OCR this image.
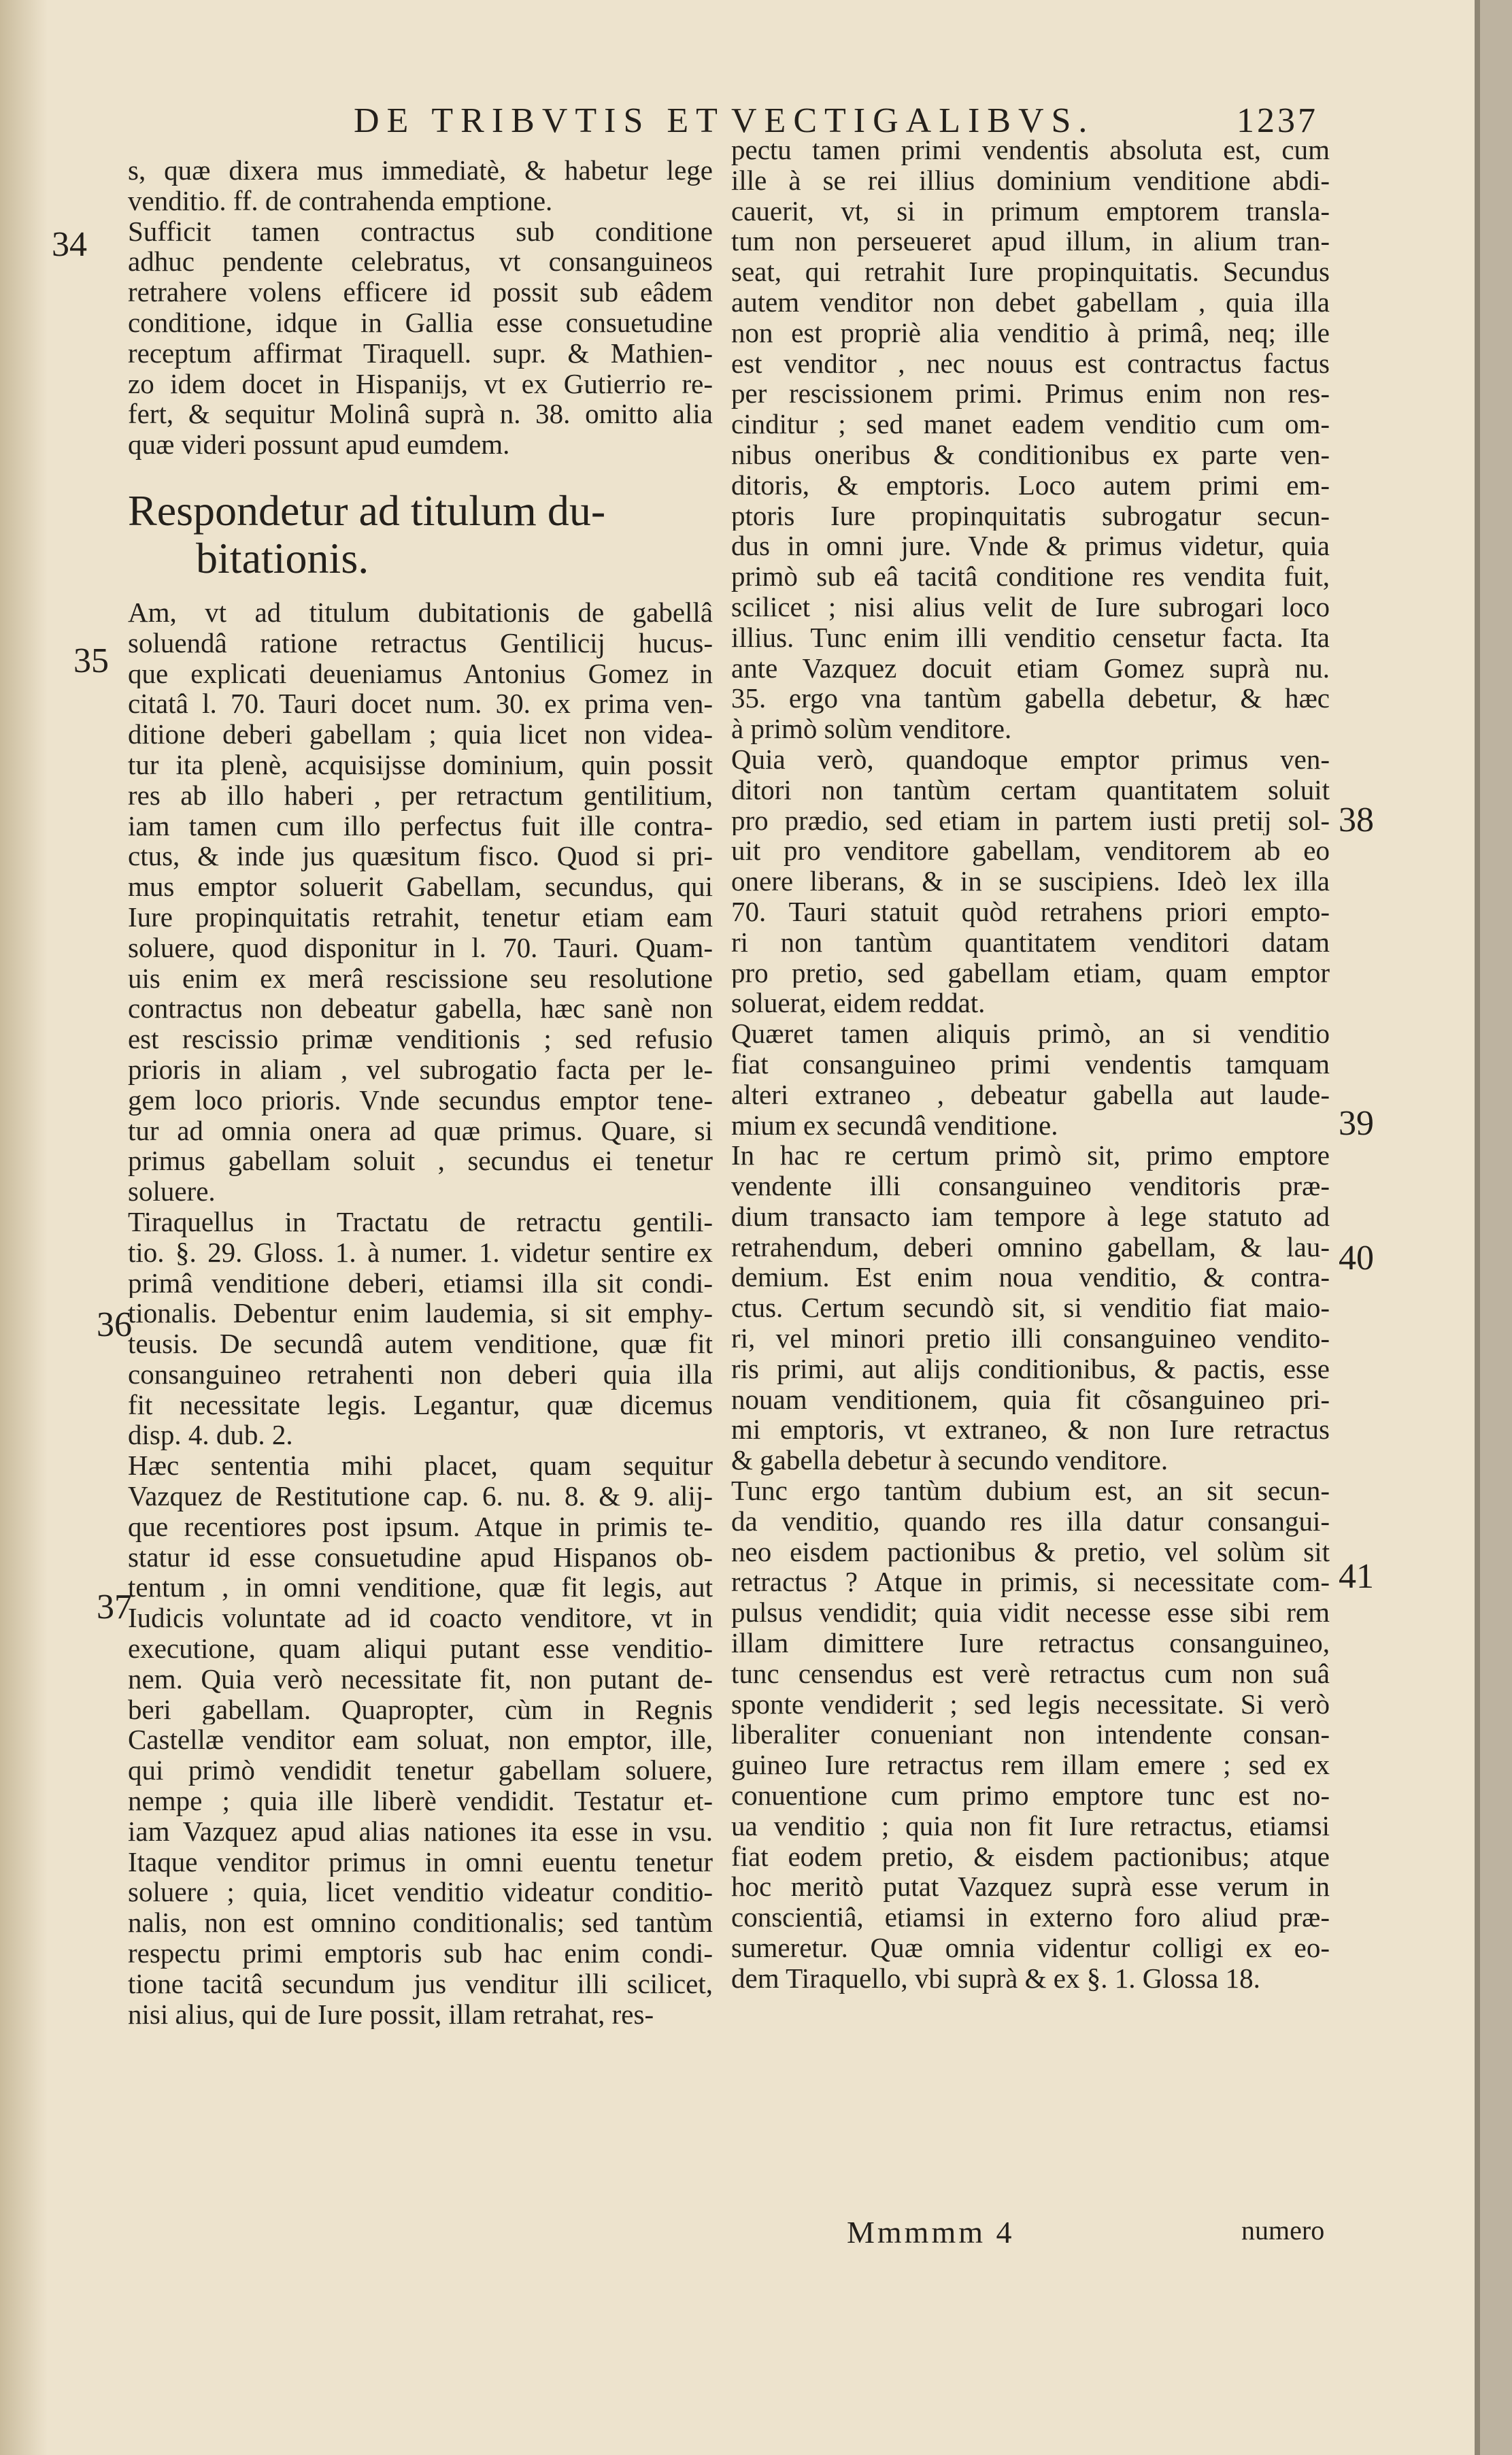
DE TRIBVTIS ET VECTIGALIBVS.	1237
s, quæ dixera mus immediatè, & habetur lege
venditio. ff. de contrahenda emptione.
Sufficit tamen contractus sub conditione
adhuc pendente celebratus, vt consanguineos
retrahere volens efficere id possit sub eâdem
conditione, idque in Gallia esse consuetudine
receptum affirmat Tiraquell. supr. & Mathien-
zo idem docet in Hispanijs, vt ex Gutierrio re-
fert, & sequitur Molinâ suprà n. 38. omitto alia
quæ videri possunt apud eumdem.
Respondetur ad titulum du-
bitationis.
Am, vt ad titulum dubitationis de gabellâ
soluendâ ratione retractus Gentilicij hucus-
que explicati deueniamus Antonius Gomez in
citatâ l. 70. Tauri docet num. 30. ex prima ven-
ditione deberi gabellam ; quia licet non videa-
tur ita plenè, acquisijsse dominium, quin possit
res ab illo haberi , per retractum gentilitium,
iam tamen cum illo perfectus fuit ille contra-
ctus, & inde jus quæsitum fisco. Quod si pri-
mus emptor soluerit Gabellam, secundus, qui
Iure propinquitatis retrahit, tenetur etiam eam
soluere, quod disponitur in l. 70. Tauri. Quam-
uis enim ex merâ rescissione seu resolutione
contractus non debeatur gabella, hæc sanè non
est rescissio primæ venditionis ; sed refusio
prioris in aliam , vel subrogatio facta per le-
gem loco prioris. Vnde secundus emptor tene-
tur ad omnia onera ad quæ primus. Quare, si
primus gabellam soluit , secundus ei tenetur
soluere.
Tiraquellus in Tractatu de retractu gentili-
tio. §. 29. Gloss. 1. à numer. 1. videtur sentire ex
primâ venditione deberi, etiamsi illa sit condi-
tionalis. Debentur enim laudemia, si sit emphy-
teusis. De secundâ autem venditione, quæ fit
consanguineo retrahenti non deberi quia illa
fit necessitate legis. Legantur, quæ dicemus
disp. 4. dub. 2.
Hæc sententia mihi placet, quam sequitur
Vazquez de Restitutione cap. 6. nu. 8. & 9. alij-
que recentiores post ipsum. Atque in primis te-
statur id esse consuetudine apud Hispanos ob-
tentum , in omni venditione, quæ fit legis, aut
Iudicis voluntate ad id coacto venditore, vt in
executione, quam aliqui putant esse venditio-
nem. Quia verò necessitate fit, non putant de-
beri gabellam. Quapropter, cùm in Regnis
Castellæ venditor eam soluat, non emptor, ille,
qui primò vendidit tenetur gabellam soluere,
nempe ; quia ille liberè vendidit. Testatur et-
iam Vazquez apud alias nationes ita esse in vsu.
Itaque venditor primus in omni euentu tenetur
soluere ; quia, licet venditio videatur conditio-
nalis, non est omnino conditionalis; sed tantùm
respectu primi emptoris sub hac enim condi-
tione tacitâ secundum jus venditur illi scilicet,
nisi alius, qui de Iure possit, illam retrahat, res-
pectu tamen primi vendentis absoluta est, cum
ille à se rei illius dominium venditione abdi-
cauerit, vt, si in primum emptorem transla-
tum non perseueret apud illum, in alium tran-
seat, qui retrahit Iure propinquitatis. Secundus
autem venditor non debet gabellam , quia illa
non est propriè alia venditio à primâ, neq; ille
est venditor , nec nouus est contractus factus
per rescissionem primi. Primus enim non res-
cinditur ; sed manet eadem venditio cum om-
nibus oneribus & conditionibus ex parte ven-
ditoris, & emptoris. Loco autem primi em-
ptoris Iure propinquitatis subrogatur secun-
dus in omni jure. Vnde & primus videtur, quia
primò sub eâ tacitâ conditione res vendita fuit,
scilicet ; nisi alius velit de Iure subrogari loco
illius. Tunc enim illi venditio censetur facta. Ita
ante Vazquez docuit etiam Gomez suprà nu.
35. ergo vna tantùm gabella debetur, & hæc
à primò solùm venditore.
Quia verò, quandoque emptor primus ven-
ditori non tantùm certam quantitatem soluit
pro prædio, sed etiam in partem iusti pretij sol-
uit pro venditore gabellam, venditorem ab eo
onere liberans, & in se suscipiens. Ideò lex illa
70. Tauri statuit quòd retrahens priori empto-
ri non tantùm quantitatem venditori datam
pro pretio, sed gabellam etiam, quam emptor
soluerat, eidem reddat.
Quæret tamen aliquis primò, an si venditio
fiat consanguineo primi vendentis tamquam
alteri extraneo , debeatur gabella aut laude-
mium ex secundâ venditione.
In hac re certum primò sit, primo emptore
vendente illi consanguineo venditoris præ-
dium transacto iam tempore à lege statuto ad
retrahendum, deberi omnino gabellam, & lau-
demium. Est enim noua venditio, & contra-
ctus. Certum secundò sit, si venditio fiat maio-
ri, vel minori pretio illi consanguineo vendito-
ris primi, aut alijs conditionibus, & pactis, esse
nouam venditionem, quia fit cõsanguineo pri-
mi emptoris, vt extraneo, & non Iure retractus
& gabella debetur à secundo venditore.
Tunc ergo tantùm dubium est, an sit secun-
da venditio, quando res illa datur consangui-
neo eisdem pactionibus & pretio, vel solùm sit
retractus ? Atque in primis, si necessitate com-
pulsus vendidit; quia vidit necesse esse sibi rem
illam dimittere Iure retractus consanguineo,
tunc censendus est verè retractus cum non suâ
sponte vendiderit ; sed legis necessitate. Si verò
liberaliter conueniant non intendente consan-
guineo Iure retractus rem illam emere ; sed ex
conuentione cum primo emptore tunc est no-
ua venditio ; quia non fit Iure retractus, etiamsi
fiat eodem pretio, & eisdem pactionibus; atque
hoc meritò putat Vazquez suprà esse verum in
conscientiâ, etiamsi in externo foro aliud præ-
sumeretur. Quæ omnia videntur colligi ex eo-
dem Tiraquello, vbi suprà & ex §. 1. Glossa 18.
34
35
36
37
38
39
40
41
Mmmmm 4	numero
